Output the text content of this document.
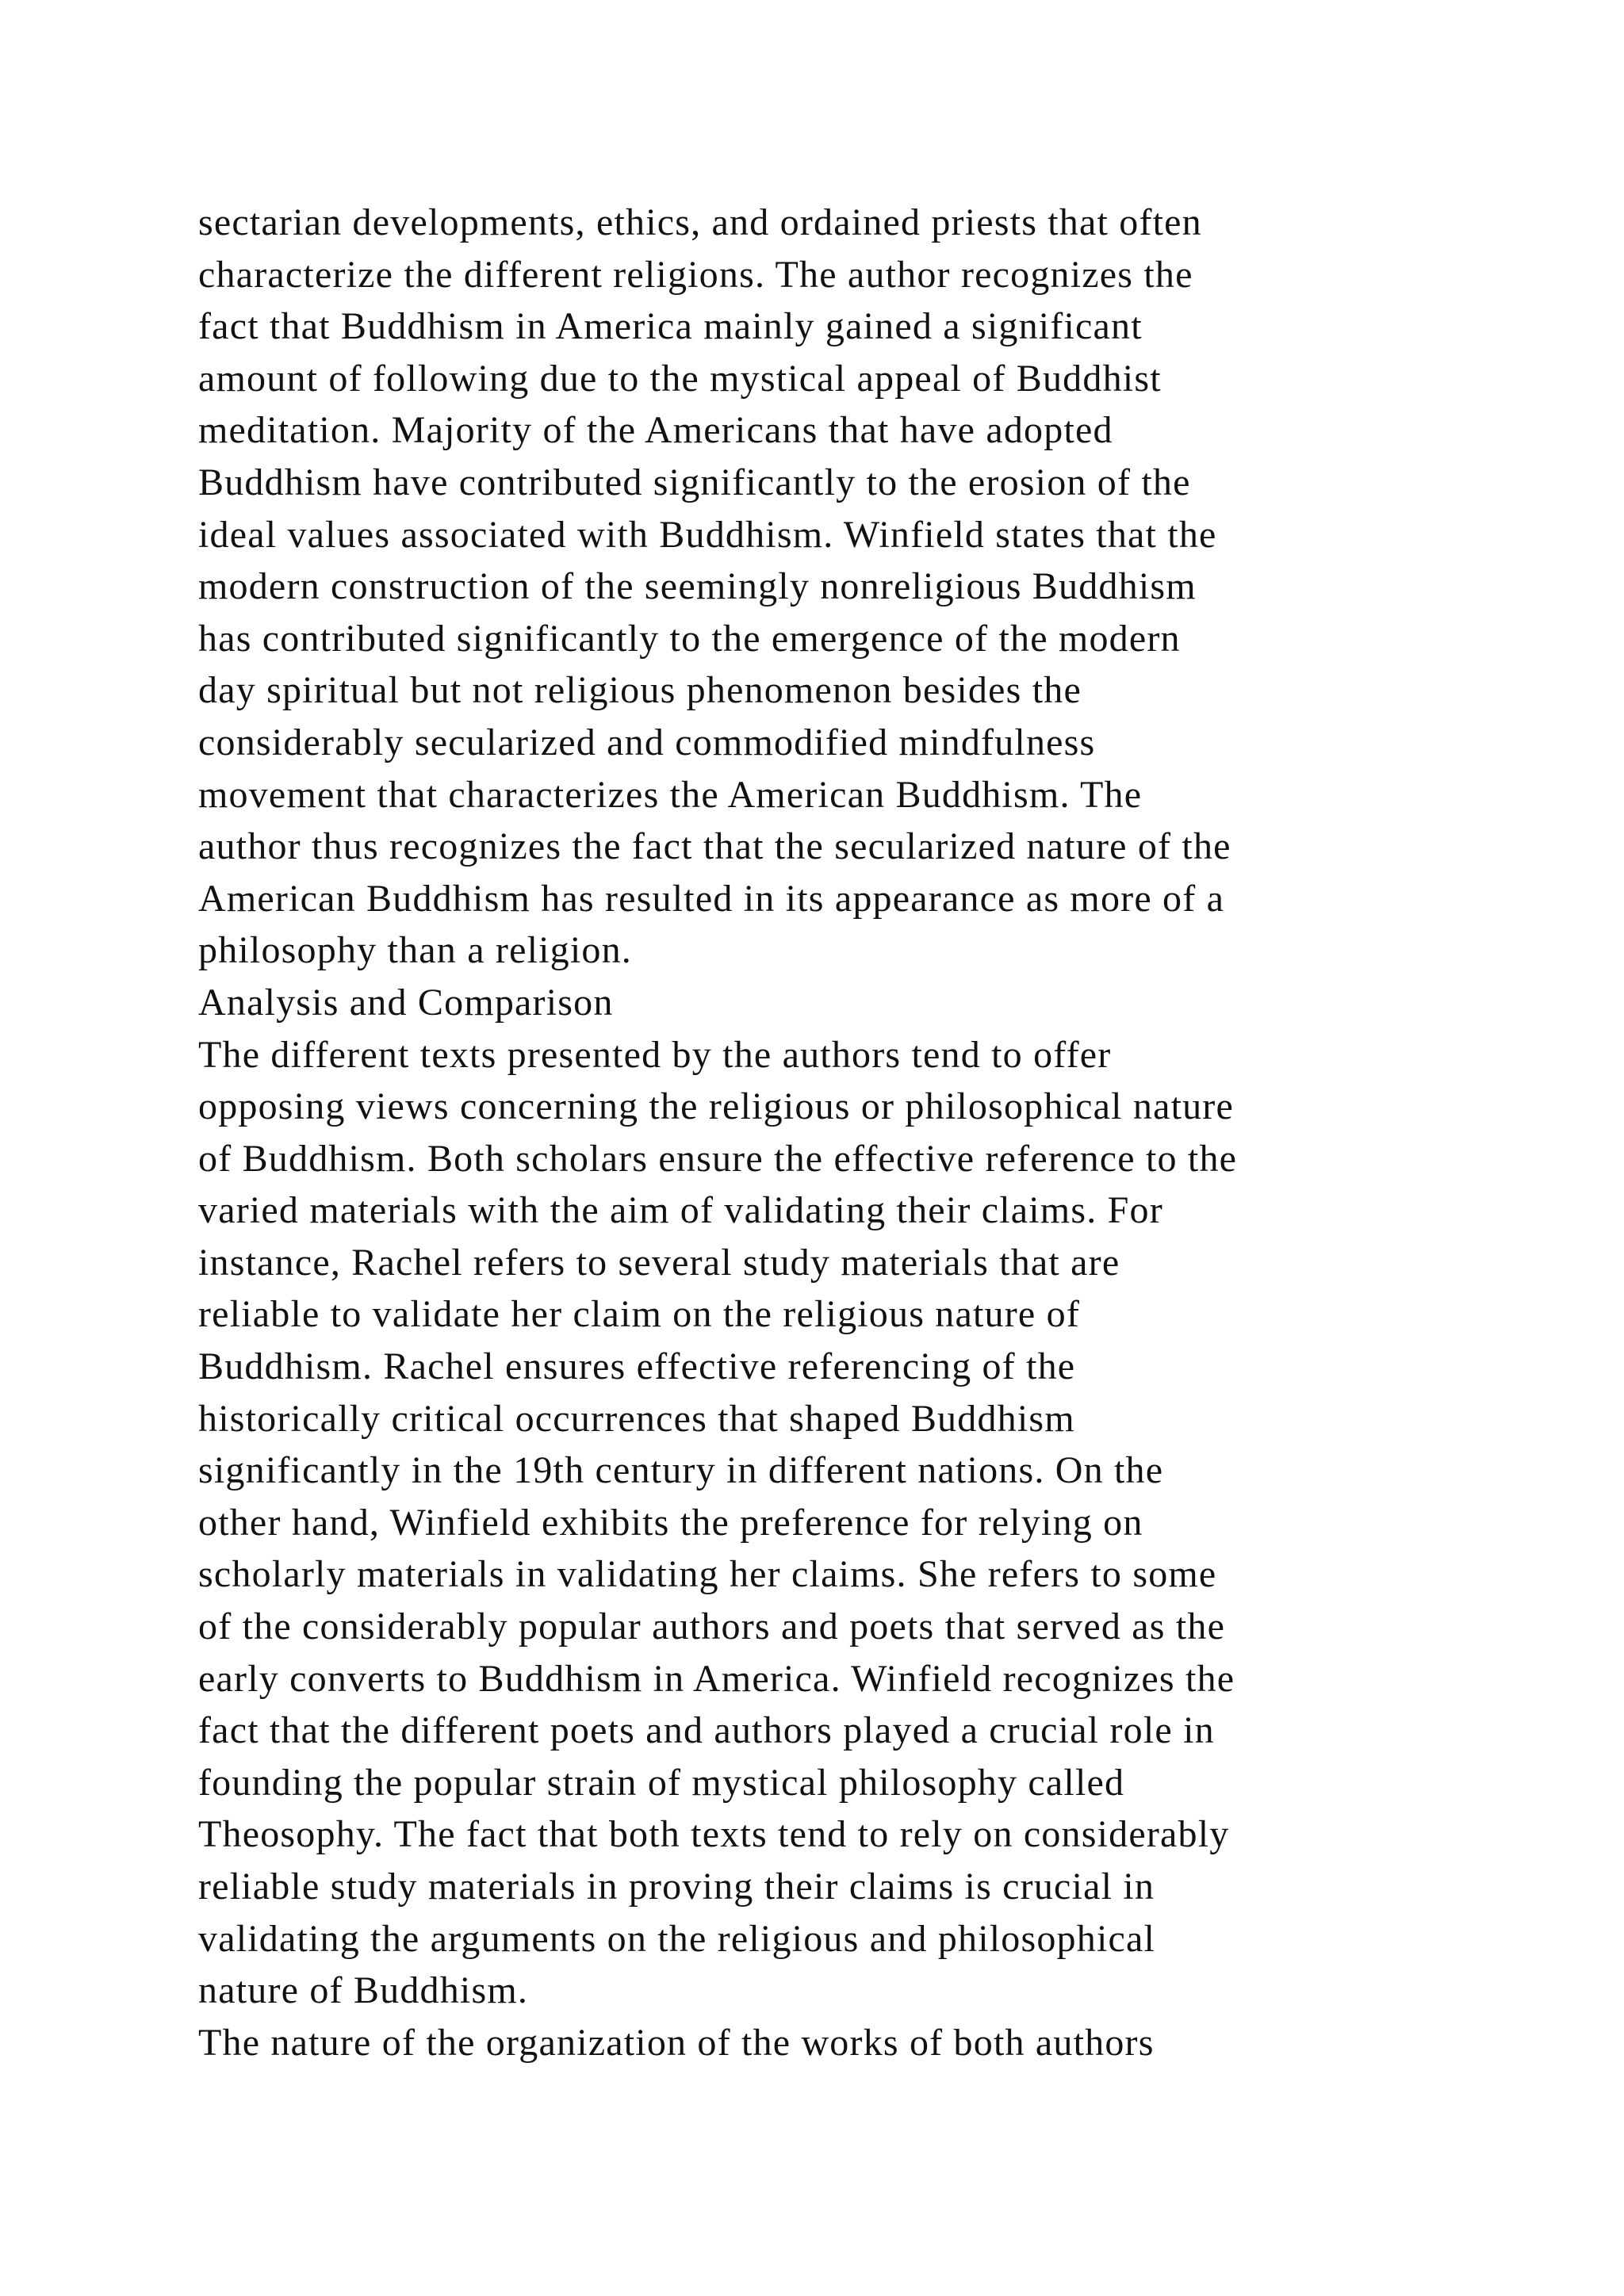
sectarian developments, ethics, and ordained priests that often
characterize the different religions. The author recognizes the
fact that Buddhism in America mainly gained a significant
amount of following due to the mystical appeal of Buddhist
meditation. Majority of the Americans that have adopted
Buddhism have contributed significantly to the erosion of the
ideal values associated with Buddhism. Winfield states that the
modern construction of the seemingly nonreligious Buddhism
has contributed significantly to the emergence of the modern
day spiritual but not religious phenomenon besides the
considerably secularized and commodified mindfulness
movement that characterizes the American Buddhism. The
author thus recognizes the fact that the secularized nature of the
American Buddhism has resulted in its appearance as more of a
philosophy than a religion.
Analysis and Comparison
The different texts presented by the authors tend to offer
opposing views concerning the religious or philosophical nature
of Buddhism. Both scholars ensure the effective reference to the
varied materials with the aim of validating their claims. For
instance, Rachel refers to several study materials that are
reliable to validate her claim on the religious nature of
Buddhism. Rachel ensures effective referencing of the
historically critical occurrences that shaped Buddhism
significantly in the 19th century in different nations. On the
other hand, Winfield exhibits the preference for relying on
scholarly materials in validating her claims. She refers to some
of the considerably popular authors and poets that served as the
early converts to Buddhism in America. Winfield recognizes the
fact that the different poets and authors played a crucial role in
founding the popular strain of mystical philosophy called
Theosophy. The fact that both texts tend to rely on considerably
reliable study materials in proving their claims is crucial in
validating the arguments on the religious and philosophical
nature of Buddhism.
The nature of the organization of the works of both authors
